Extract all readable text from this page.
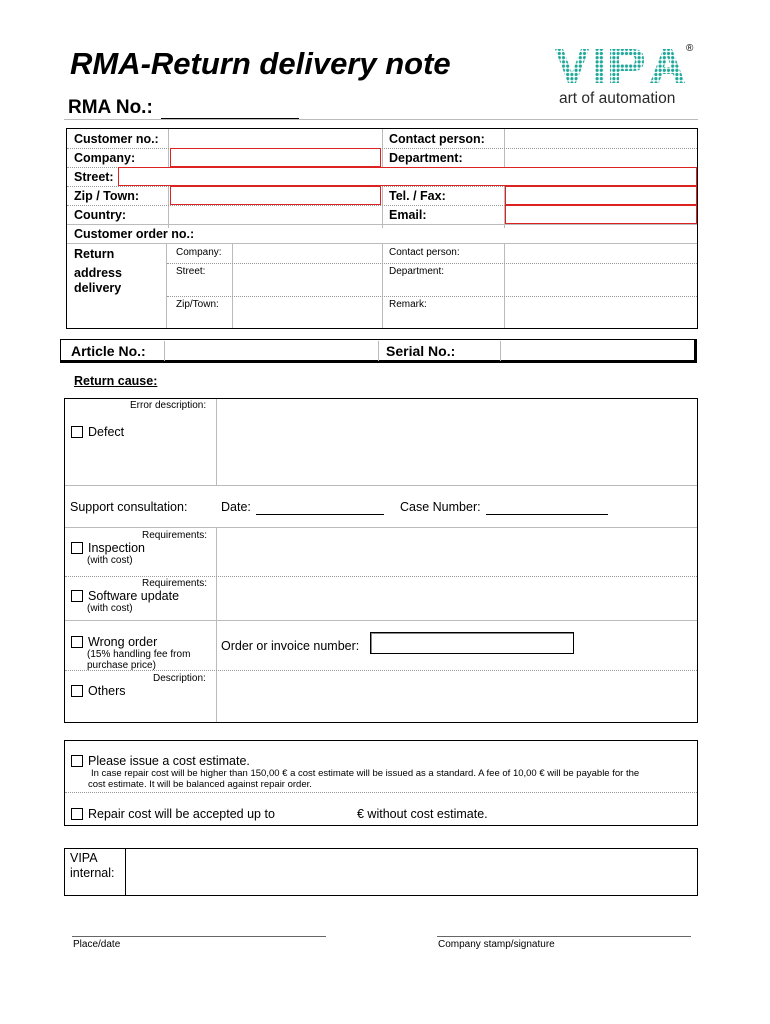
RMA-Return delivery note
RMA No.:
®
art of automation
Customer no.:	Contact person:
Company:	Department:
Street:
Zip / Town:	Tel. / Fax:
Country:	Email:
Customer order no.:
Return
address
delivery
Company:	Contact person:
Street:	Department:
Zip/Town:	Remark:
Article No.:	Serial No.:
Return cause:
Error description:
Defect
Support consultation:	Date:	Case Number:
Requirements:
Inspection
(with cost)
Requirements:
Software update
(with cost)
Wrong order
(15% handling fee from
purchase price)
Order or invoice number:
Description:
Others
Please issue a cost estimate.
In case repair cost will be higher than 150,00 € a cost estimate will be issued as a standard. A fee of 10,00 € will be payable for the
cost estimate. It will be balanced against repair order.
Repair cost will be accepted up to	€ without cost estimate.
VIPA
internal:
Place/date	Company stamp/signature
